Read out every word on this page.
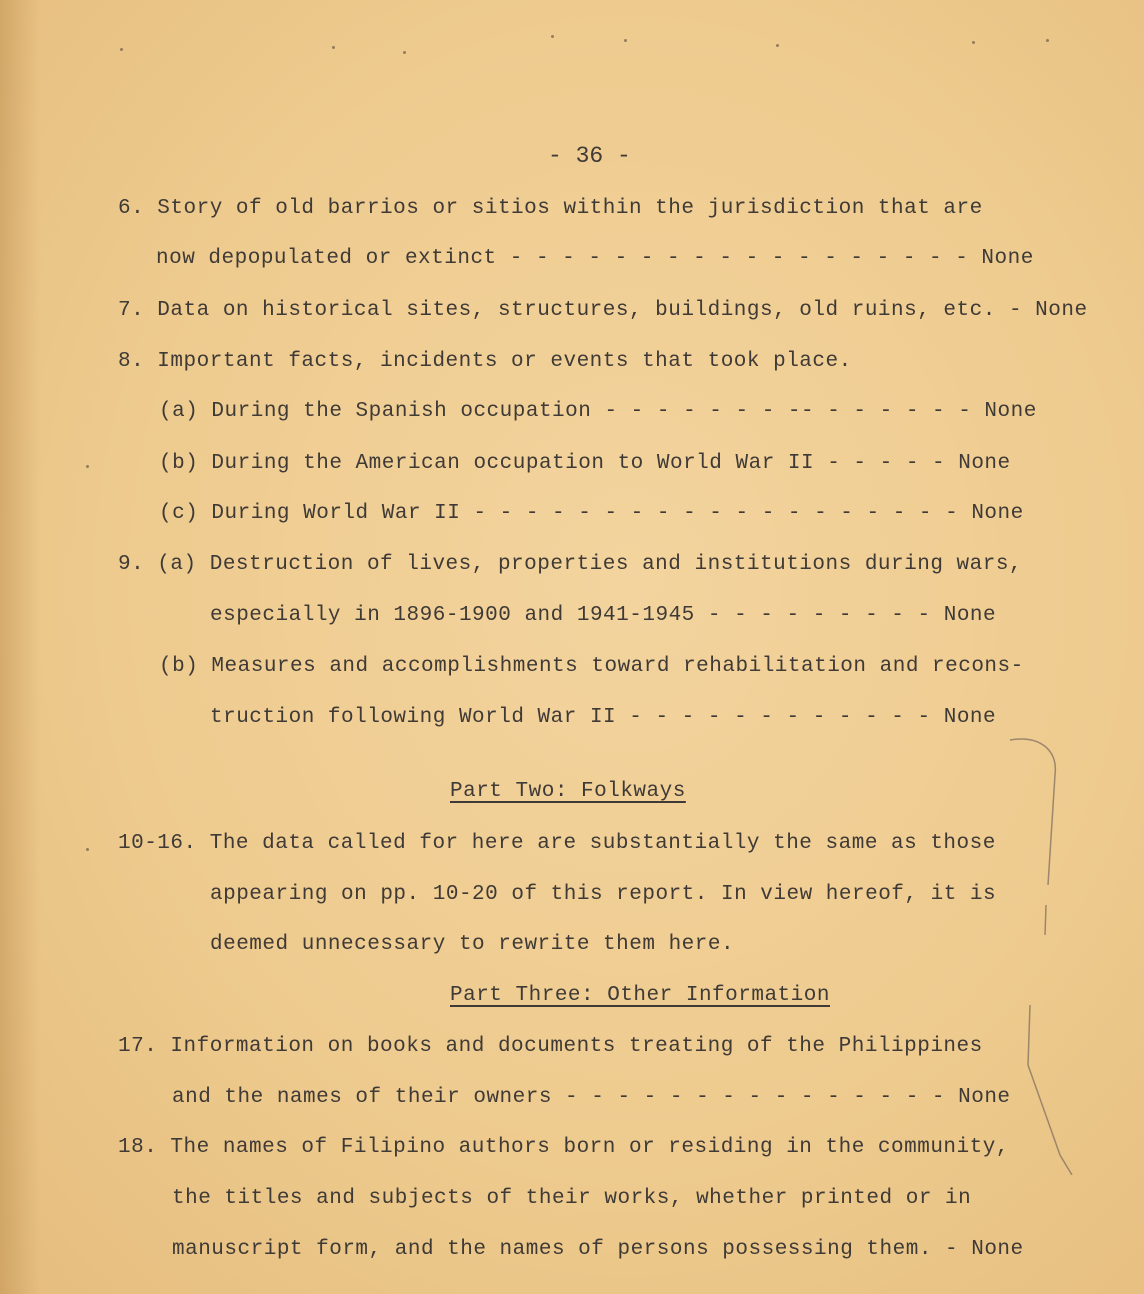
- 36 -
6. Story of old barrios or sitios within the jurisdiction that are
now depopulated or extinct - - - - - - - - - - - - - - - - - - None
7. Data on historical sites, structures, buildings, old ruins, etc. - None
8. Important facts, incidents or events that took place.
(a) During the Spanish occupation - - - - - - - -- - - - - - - None
(b) During the American occupation to World War II - - - - - None
(c) During World War II - - - - - - - - - - - - - - - - - - - None
9. (a) Destruction of lives, properties and institutions during wars,
especially in 1896-1900 and 1941-1945 - - - - - - - - - None
(b) Measures and accomplishments toward rehabilitation and recons-
truction following World War II - - - - - - - - - - - - None
Part Two: Folkways
10-16. The data called for here are substantially the same as those
appearing on pp. 10-20 of this report. In view hereof, it is
deemed unnecessary to rewrite them here.
Part Three: Other Information
17. Information on books and documents treating of the Philippines
and the names of their owners - - - - - - - - - - - - - - - None
18. The names of Filipino authors born or residing in the community,
the titles and subjects of their works, whether printed or in
manuscript form, and the names of persons possessing them. - None
